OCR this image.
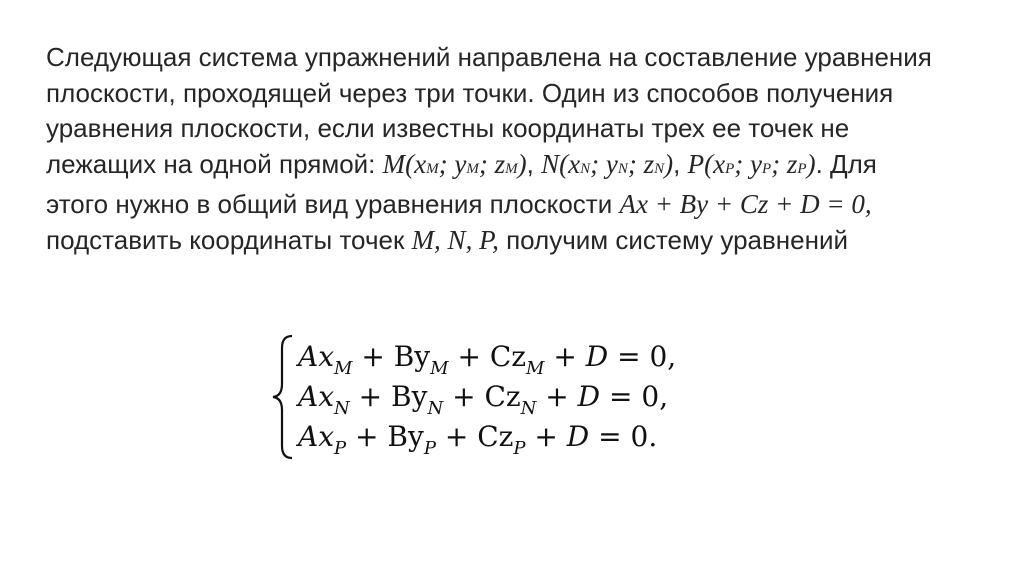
Следующая система упражнений направлена на составление уравнения
плоскости, проходящей через три точки. Один из способов получения
уравнения плоскости, если известны координаты трех ее точек не
лежащих на одной прямой: M(xM; yM; zM), N(xN; yN; zN), P(xP; yP; zP). Для
этого нужно в общий вид уравнения плоскости Ax + By + Cz + D = 0,
подставить координаты точек M, N, P, получим систему уравнений
$Ax_M + By_M + Cz_M + D = 0$,
$Ax_N + By_N + Cz_N + D = 0$,
$Ax_P + By_P + Cz_P + D = 0$.
